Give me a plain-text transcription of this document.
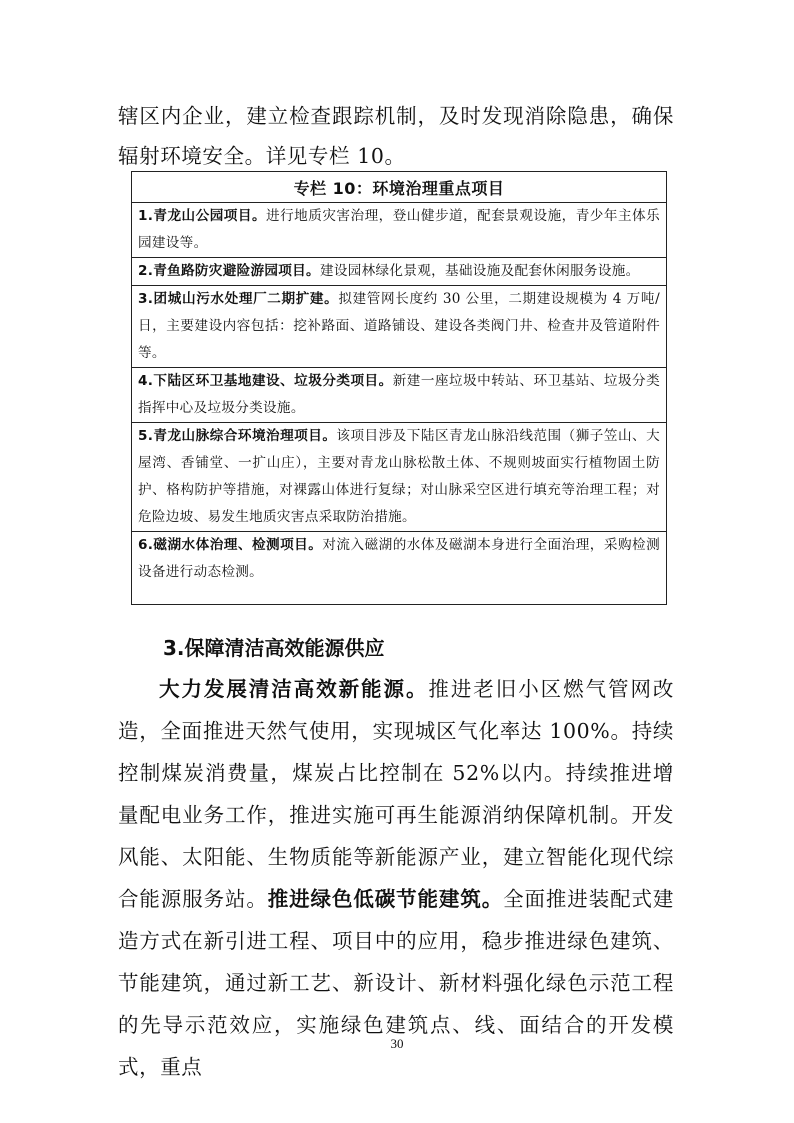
辖区内企业，建立检查跟踪机制，及时发现消除隐患，确保辐射环境安全。详见专栏 10。

专栏 10：环境治理重点项目
1.青龙山公园项目。进行地质灾害治理，登山健步道，配套景观设施，青少年主体乐园建设等。
2.青鱼路防灾避险游园项目。建设园林绿化景观，基础设施及配套休闲服务设施。
3.团城山污水处理厂二期扩建。拟建管网长度约 30 公里，二期建设规模为 4 万吨/日，主要建设内容包括：挖补路面、道路铺设、建设各类阀门井、检查井及管道附件等。
4.下陆区环卫基地建设、垃圾分类项目。新建一座垃圾中转站、环卫基站、垃圾分类指挥中心及垃圾分类设施。
5.青龙山脉综合环境治理项目。该项目涉及下陆区青龙山脉沿线范围（狮子笠山、大屋湾、香铺堂、一扩山庄），主要对青龙山脉松散土体、不规则坡面实行植物固土防护、格构防护等措施，对裸露山体进行复绿；对山脉采空区进行填充等治理工程；对危险边坡、易发生地质灾害点采取防治措施。
6.磁湖水体治理、检测项目。对流入磁湖的水体及磁湖本身进行全面治理，采购检测设备进行动态检测。
3.保障清洁高效能源供应

大力发展清洁高效新能源。推进老旧小区燃气管网改造，全面推进天然气使用，实现城区气化率达 100%。持续控制煤炭消费量，煤炭占比控制在 52%以内。持续推进增量配电业务工作，推进实施可再生能源消纳保障机制。开发风能、太阳能、生物质能等新能源产业，建立智能化现代综合能源服务站。推进绿色低碳节能建筑。全面推进装配式建造方式在新引进工程、项目中的应用，稳步推进绿色建筑、节能建筑，通过新工艺、新设计、新材料强化绿色示范工程的先导示范效应，实施绿色建筑点、线、面结合的开发模式，重点

30
